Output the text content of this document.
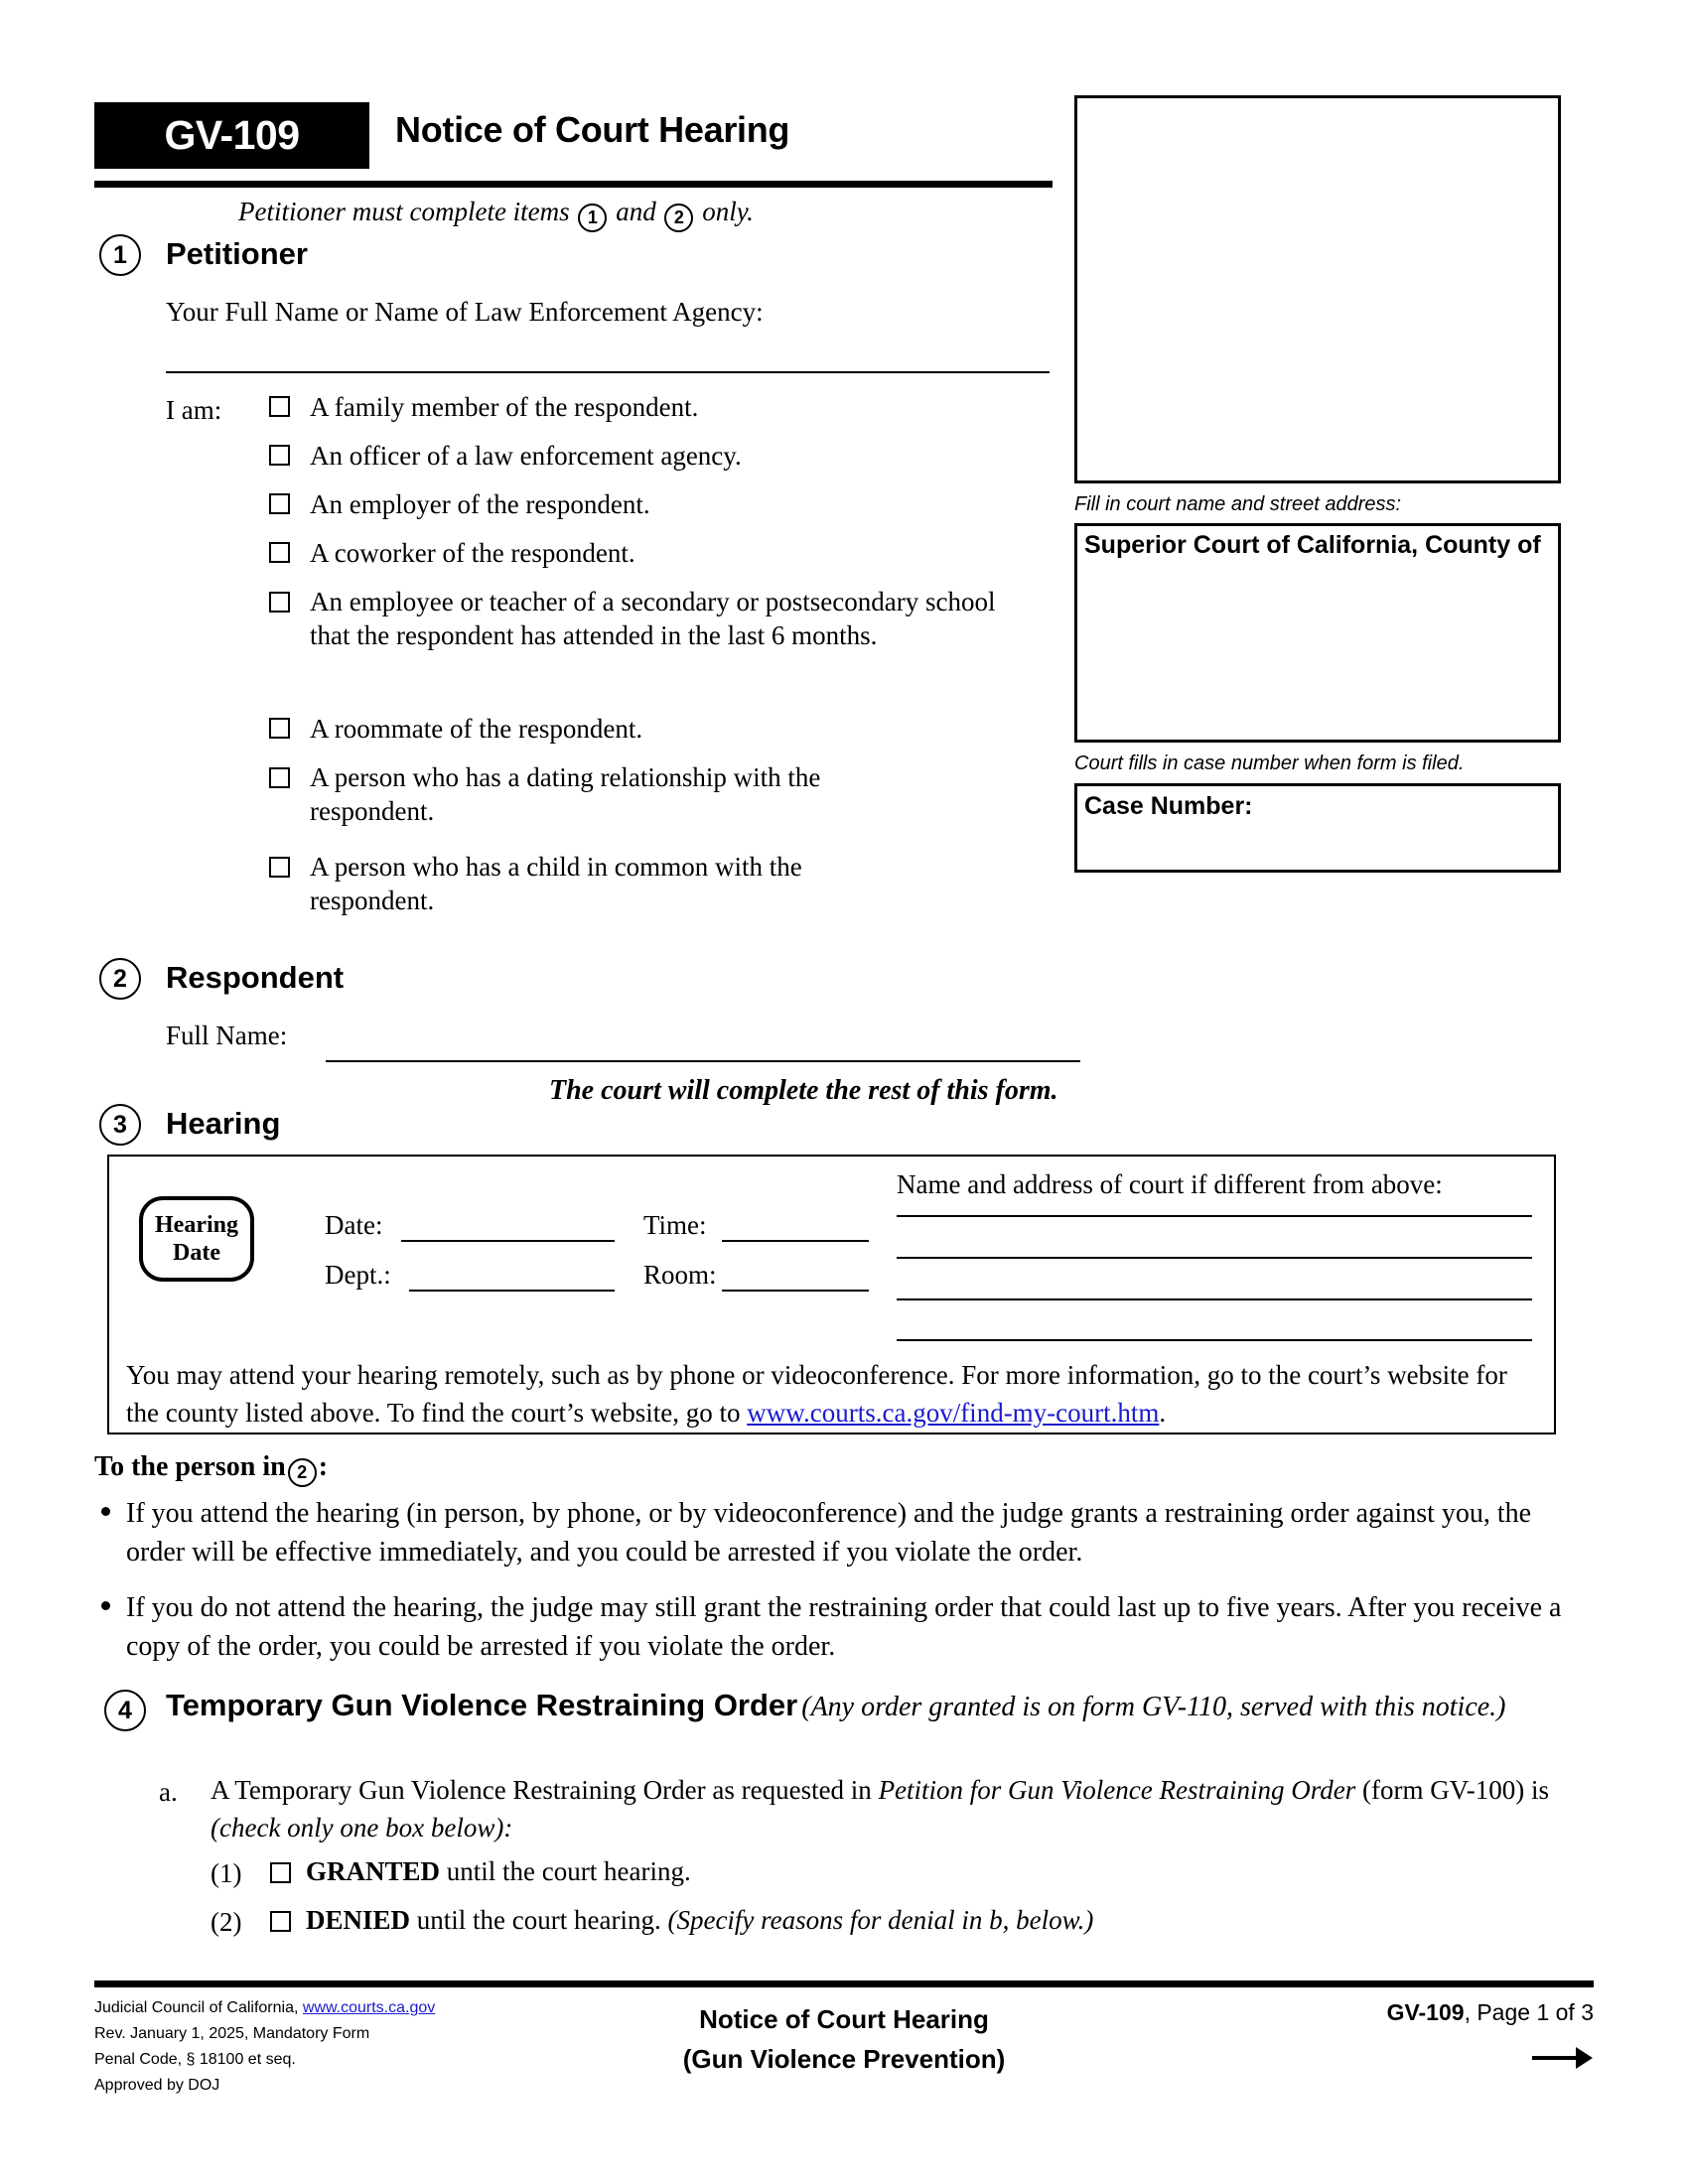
GV-109	Notice of Court Hearing
Petitioner must complete items 1 and 2 only.
Fill in court name and street address:
Superior Court of California, County of
Court fills in case number when form is filed.
Case Number:
1	Petitioner
Your Full Name or Name of Law Enforcement Agency:
I am:	A family member of the respondent.
An officer of a law enforcement agency.
An employer of the respondent.
A coworker of the respondent.
An employee or teacher of a secondary or postsecondary school that the respondent has attended in the last 6 months.
A roommate of the respondent.
A person who has a dating relationship with the respondent.
A person who has a child in common with the respondent.
2	Respondent
Full Name:
The court will complete the rest of this form.
3	Hearing
Hearing
Date
Date:	Time:
Dept.:	Room:
Name and address of court if different from above:
You may attend your hearing remotely, such as by phone or videoconference. For more information, go to the court’s website for the county listed above. To find the court’s website, go to www.courts.ca.gov/find-my-court.htm.
To the person in 2 :
If you attend the hearing (in person, by phone, or by videoconference) and the judge grants a restraining order against you, the order will be effective immediately, and you could be arrested if you violate the order.
If you do not attend the hearing, the judge may still grant the restraining order that could last up to five years. After you receive a copy of the order, you could be arrested if you violate the order.
4	Temporary Gun Violence Restraining Order (Any order granted is on form GV-110, served with this notice.)
a. A Temporary Gun Violence Restraining Order as requested in Petition for Gun Violence Restraining Order (form GV-100) is (check only one box below):
(1) GRANTED until the court hearing.
(2) DENIED until the court hearing. (Specify reasons for denial in b, below.)
Judicial Council of California, www.courts.ca.gov
Rev. January 1, 2025, Mandatory Form
Penal Code, § 18100 et seq.
Approved by DOJ
Notice of Court Hearing
(Gun Violence Prevention)
GV-109, Page 1 of 3
